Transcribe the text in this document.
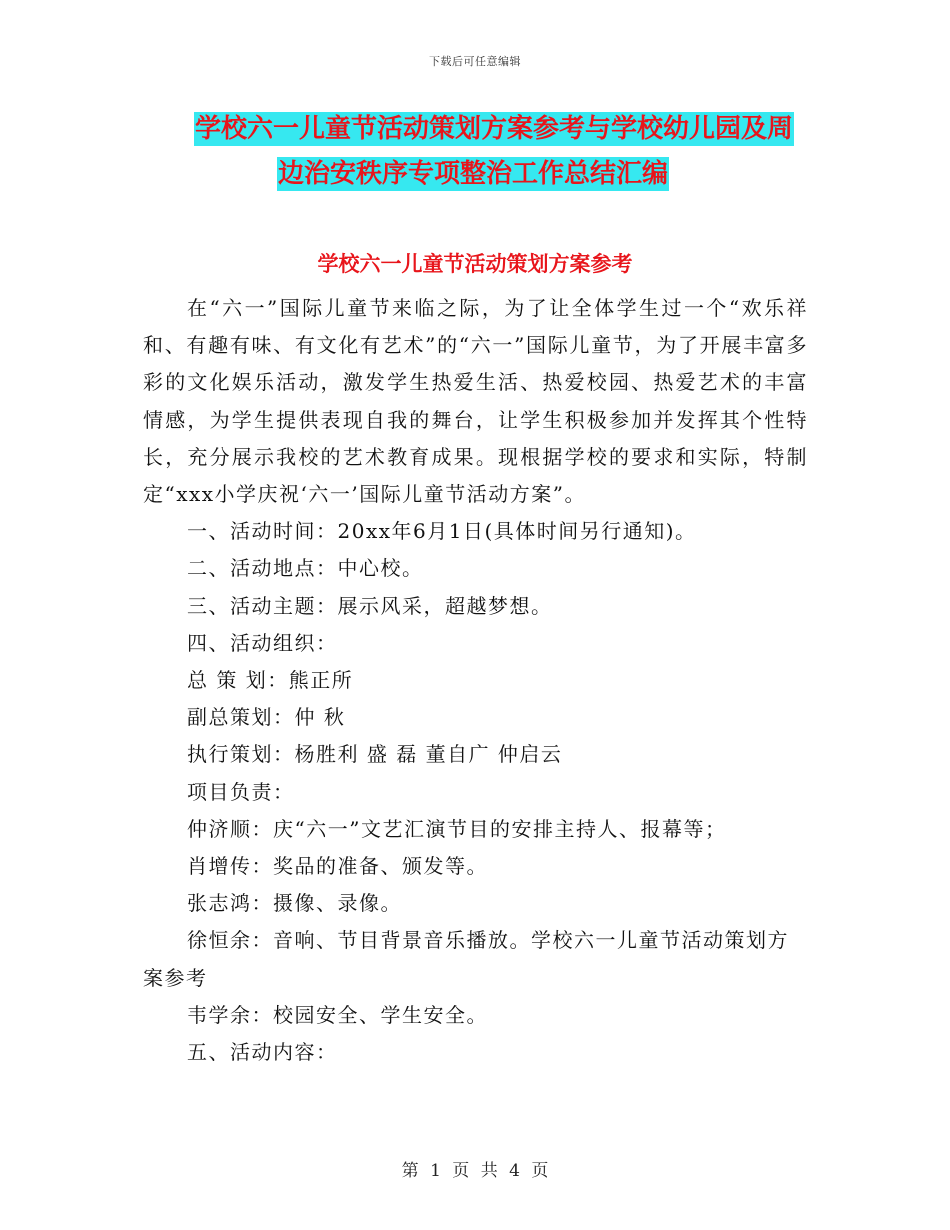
下载后可任意编辑
学校六一儿童节活动策划方案参考与学校幼儿园及周
边治安秩序专项整治工作总结汇编
学校六一儿童节活动策划方案参考

在“六一”国际儿童节来临之际，为了让全体学生过一个“欢乐祥和、有趣有味、有文化有艺术”的“六一”国际儿童节，为了开展丰富多彩的文化娱乐活动，激发学生热爱生活、热爱校园、热爱艺术的丰富情感，为学生提供表现自我的舞台，让学生积极参加并发挥其个性特长，充分展示我校的艺术教育成果。现根据学校的要求和实际，特制定“xxx小学庆祝‘六一’国际儿童节活动方案”。

一、活动时间：20xx年6月1日(具体时间另行通知)。

二、活动地点：中心校。

三、活动主题：展示风采，超越梦想。

四、活动组织：

总 策 划：熊正所

副总策划：仲 秋

执行策划：杨胜利 盛 磊 董自广 仲启云

项目负责：

仲济顺：庆“六一”文艺汇演节目的安排主持人、报幕等；

肖增传：奖品的准备、颁发等。

张志鸿：摄像、录像。

徐恒余：音响、节目背景音乐播放。学校六一儿童节活动策划方案参考

韦学余：校园安全、学生安全。

五、活动内容：

第 1 页 共 4 页
